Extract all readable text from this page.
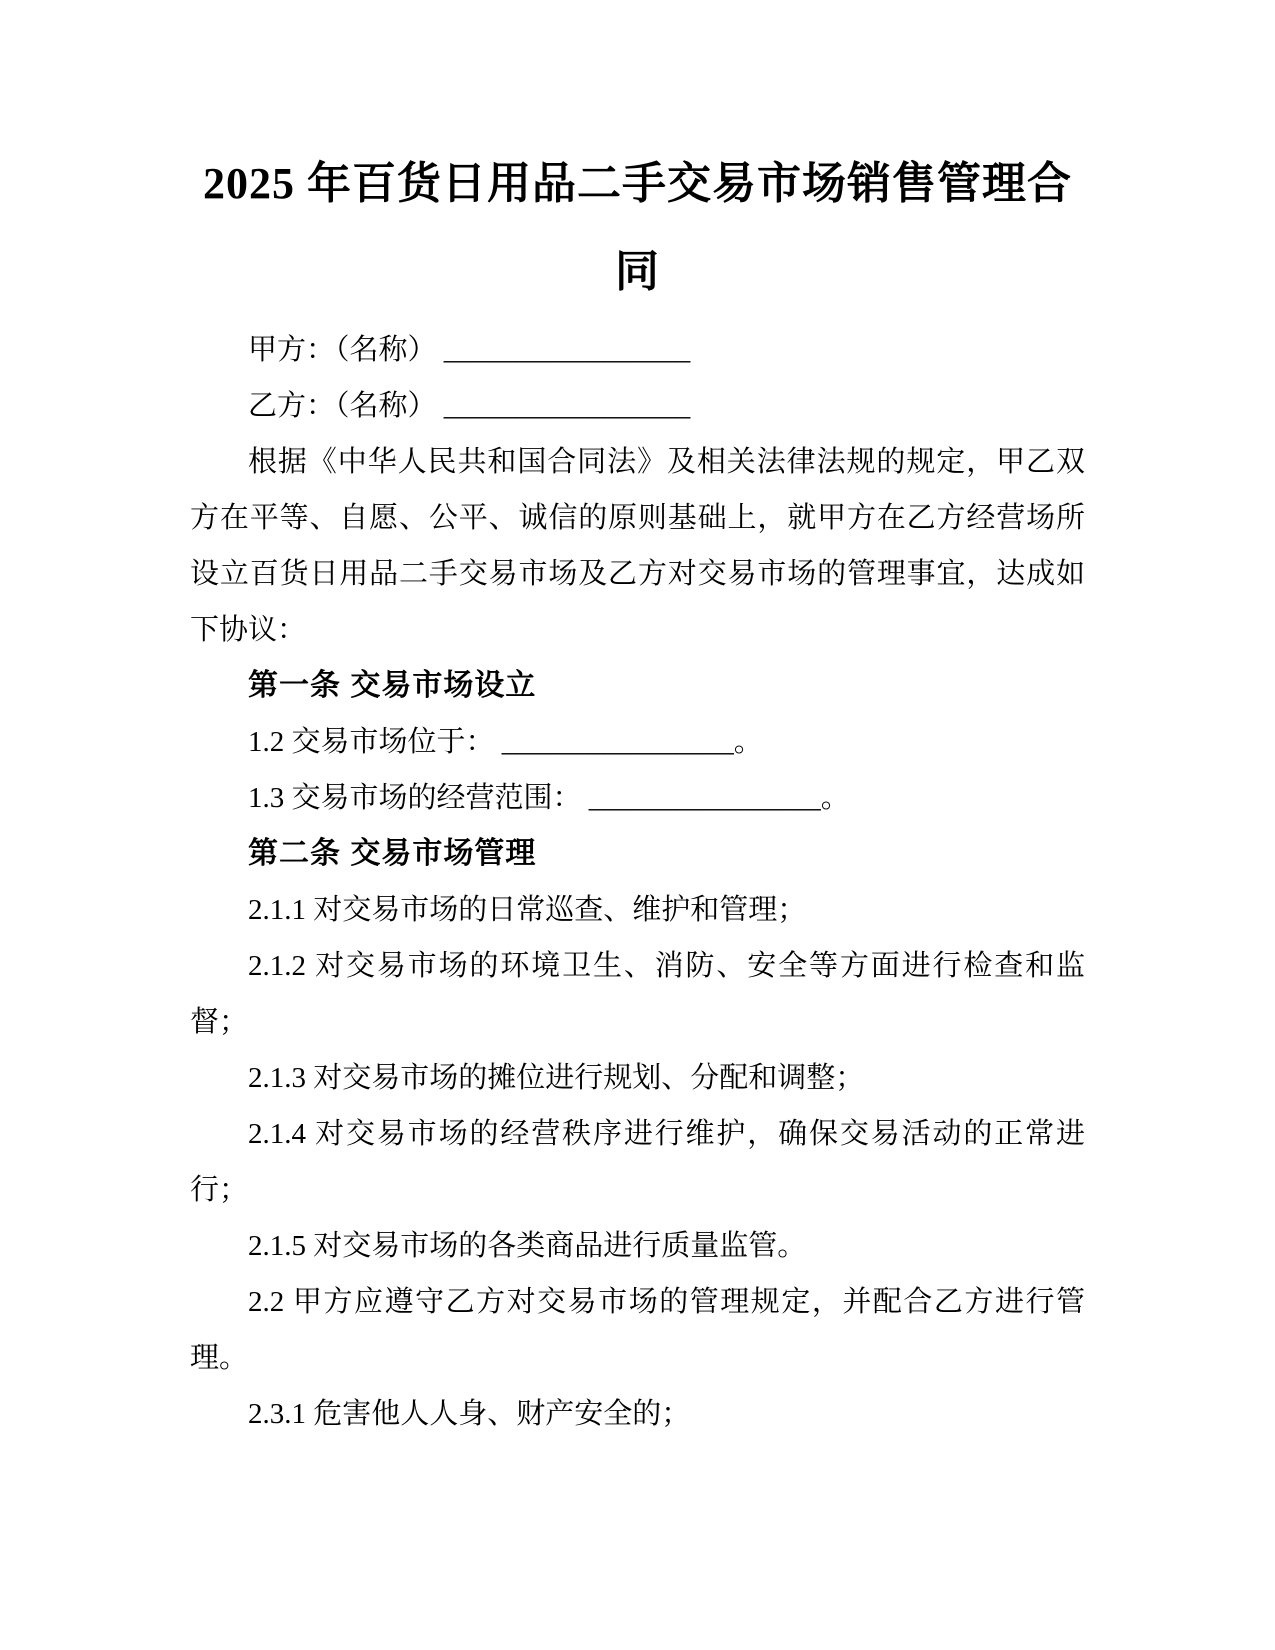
2025 年百货日用品二手交易市场销售管理合同

甲方：（名称） _________________

乙方：（名称） _________________

根据《中华人民共和国合同法》及相关法律法规的规定，甲乙双方在平等、自愿、公平、诚信的原则基础上，就甲方在乙方经营场所设立百货日用品二手交易市场及乙方对交易市场的管理事宜，达成如下协议：

第一条 交易市场设立

1.2 交易市场位于： ________________。

1.3 交易市场的经营范围： ________________。

第二条 交易市场管理

2.1.1 对交易市场的日常巡查、维护和管理；

2.1.2 对交易市场的环境卫生、消防、安全等方面进行检查和监督；

2.1.3 对交易市场的摊位进行规划、分配和调整；

2.1.4 对交易市场的经营秩序进行维护，确保交易活动的正常进行；

2.1.5 对交易市场的各类商品进行质量监管。

2.2 甲方应遵守乙方对交易市场的管理规定，并配合乙方进行管理。

2.3.1 危害他人人身、财产安全的；
